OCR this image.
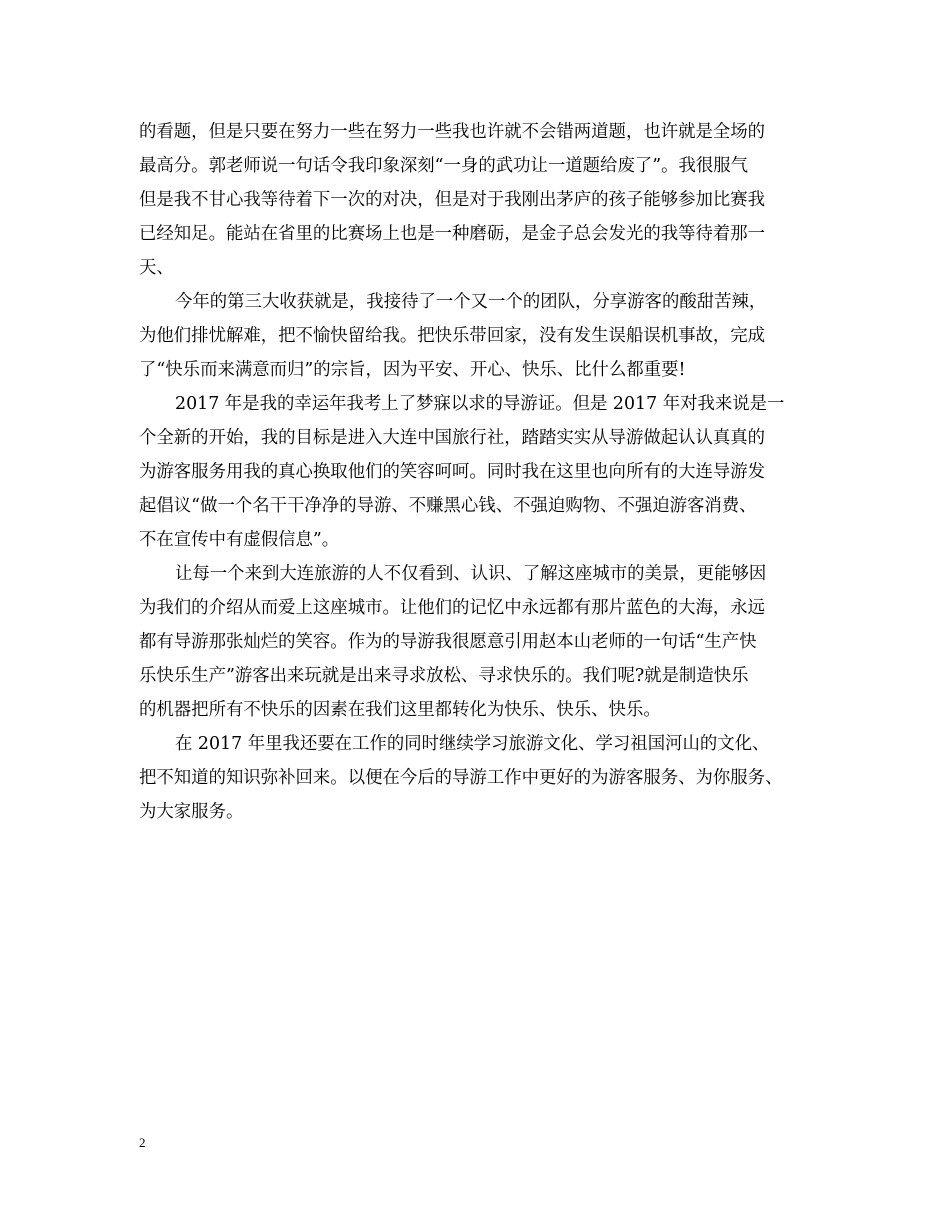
的看题，但是只要在努力一些在努力一些我也许就不会错两道题，也许就是全场的
最高分。郭老师说一句话令我印象深刻“一身的武功让一道题给废了”。我很服气
但是我不甘心我等待着下一次的对决，但是对于我刚出茅庐的孩子能够参加比赛我
已经知足。能站在省里的比赛场上也是一种磨砺，是金子总会发光的我等待着那一
天、
今年的第三大收获就是，我接待了一个又一个的团队，分享游客的酸甜苦辣，
为他们排忧解难，把不愉快留给我。把快乐带回家，没有发生误船误机事故，完成
了“快乐而来满意而归”的宗旨，因为平安、开心、快乐、比什么都重要!
2017 年是我的幸运年我考上了梦寐以求的导游证。但是 2017 年对我来说是一
个全新的开始，我的目标是进入大连中国旅行社，踏踏实实从导游做起认认真真的
为游客服务用我的真心换取他们的笑容呵呵。同时我在这里也向所有的大连导游发
起倡议“做一个名干干净净的导游、不赚黑心钱、不强迫购物、不强迫游客消费、
不在宣传中有虚假信息”。
让每一个来到大连旅游的人不仅看到、认识、了解这座城市的美景，更能够因
为我们的介绍从而爱上这座城市。让他们的记忆中永远都有那片蓝色的大海，永远
都有导游那张灿烂的笑容。作为的导游我很愿意引用赵本山老师的一句话“生产快
乐快乐生产”游客出来玩就是出来寻求放松、寻求快乐的。我们呢?就是制造快乐
的机器把所有不快乐的因素在我们这里都转化为快乐、快乐、快乐。
在 2017 年里我还要在工作的同时继续学习旅游文化、学习祖国河山的文化、
把不知道的知识弥补回来。以便在今后的导游工作中更好的为游客服务、为你服务、
为大家服务。
2
